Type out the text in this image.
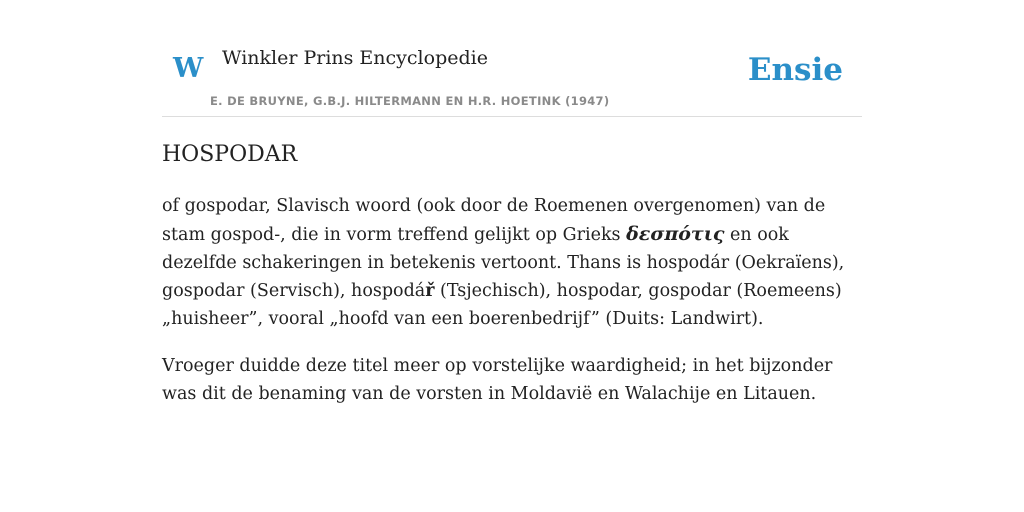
W Winkler Prins Encyclopedie
E. DE BRUYNE, G.B.J. HILTERMANN EN H.R. HOETINK (1947)
Ensie
HOSPODAR

of gospodar, Slavisch woord (ook door de Roemenen overgenomen) van de stam gospod-, die in vorm treffend gelijkt op Grieks δεσπότις en ook dezelfde schakeringen in betekenis vertoont. Thans is hospodár (Oekraïens), gospodar (Servisch), hospodář (Tsjechisch), hospodar, gospodar (Roemeens) „huisheer”, vooral „hoofd van een boerenbedrijf” (Duits: Landwirt).

Vroeger duidde deze titel meer op vorstelijke waardigheid; in het bijzonder was dit de benaming van de vorsten in Moldavië en Walachije en Litauen.
